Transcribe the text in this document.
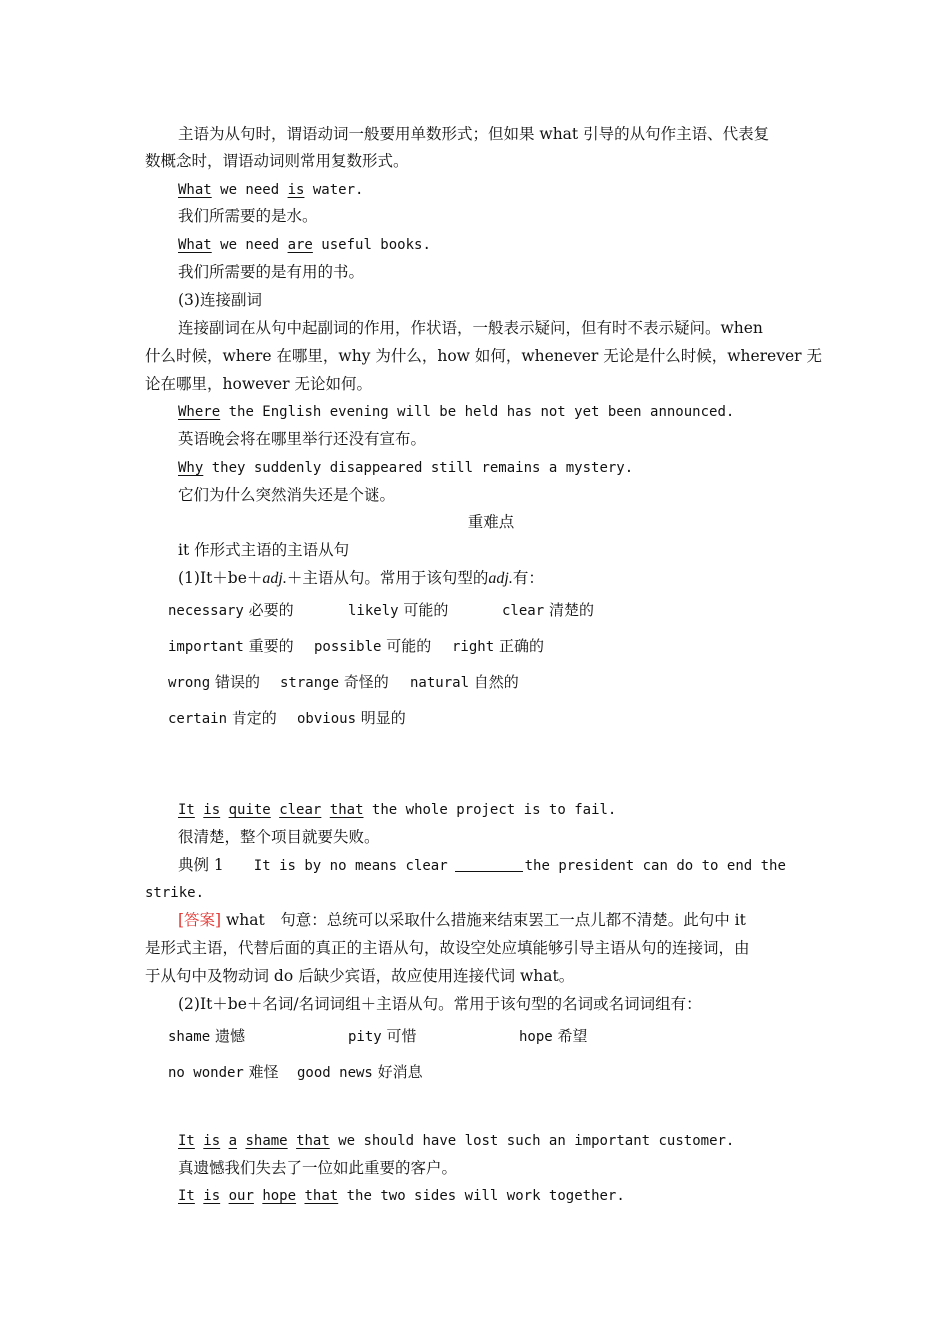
主语为从句时，谓语动词一般要用单数形式；但如果 what 引导的从句作主语、代表复
数概念时，谓语动词则常用复数形式。
What we need is water.
我们所需要的是水。
What we need are useful books.
我们所需要的是有用的书。
(3)连接副词
连接副词在从句中起副词的作用，作状语，一般表示疑问，但有时不表示疑问。when
什么时候，where 在哪里，why 为什么，how 如何，whenever 无论是什么时候，wherever 无
论在哪里，however 无论如何。
Where the English evening will be held has not yet been announced.
英语晚会将在哪里举行还没有宣布。
Why they suddenly disappeared still remains a mystery.
它们为什么突然消失还是个谜。
重难点
it 作形式主语的主语从句
(1)It＋be＋adj.＋主语从句。常用于该句型的adj.有：
necessary 必要的	likely 可能的	clear 清楚的
important 重要的 possible 可能的 right 正确的
wrong 错误的 strange 奇怪的 natural 自然的
certain 肯定的 obvious 明显的
It is quite clear that the whole project is to fail.
很清楚，整个项目就要失败。
典例 1 It is by no means clear	the president can do to end the
strike.
[答案] what　句意：总统可以采取什么措施来结束罢工一点儿都不清楚。此句中 it
是形式主语，代替后面的真正的主语从句，故设空处应填能够引导主语从句的连接词，由
于从句中及物动词 do 后缺少宾语，故应使用连接代词 what。
(2)It＋be＋名词/名词词组＋主语从句。常用于该句型的名词或名词词组有：
shame 遗憾	pity 可惜	hope 希望
no wonder 难怪 good news 好消息
It is a shame that we should have lost such an important customer.
真遗憾我们失去了一位如此重要的客户。
It is our hope that the two sides will work together.
